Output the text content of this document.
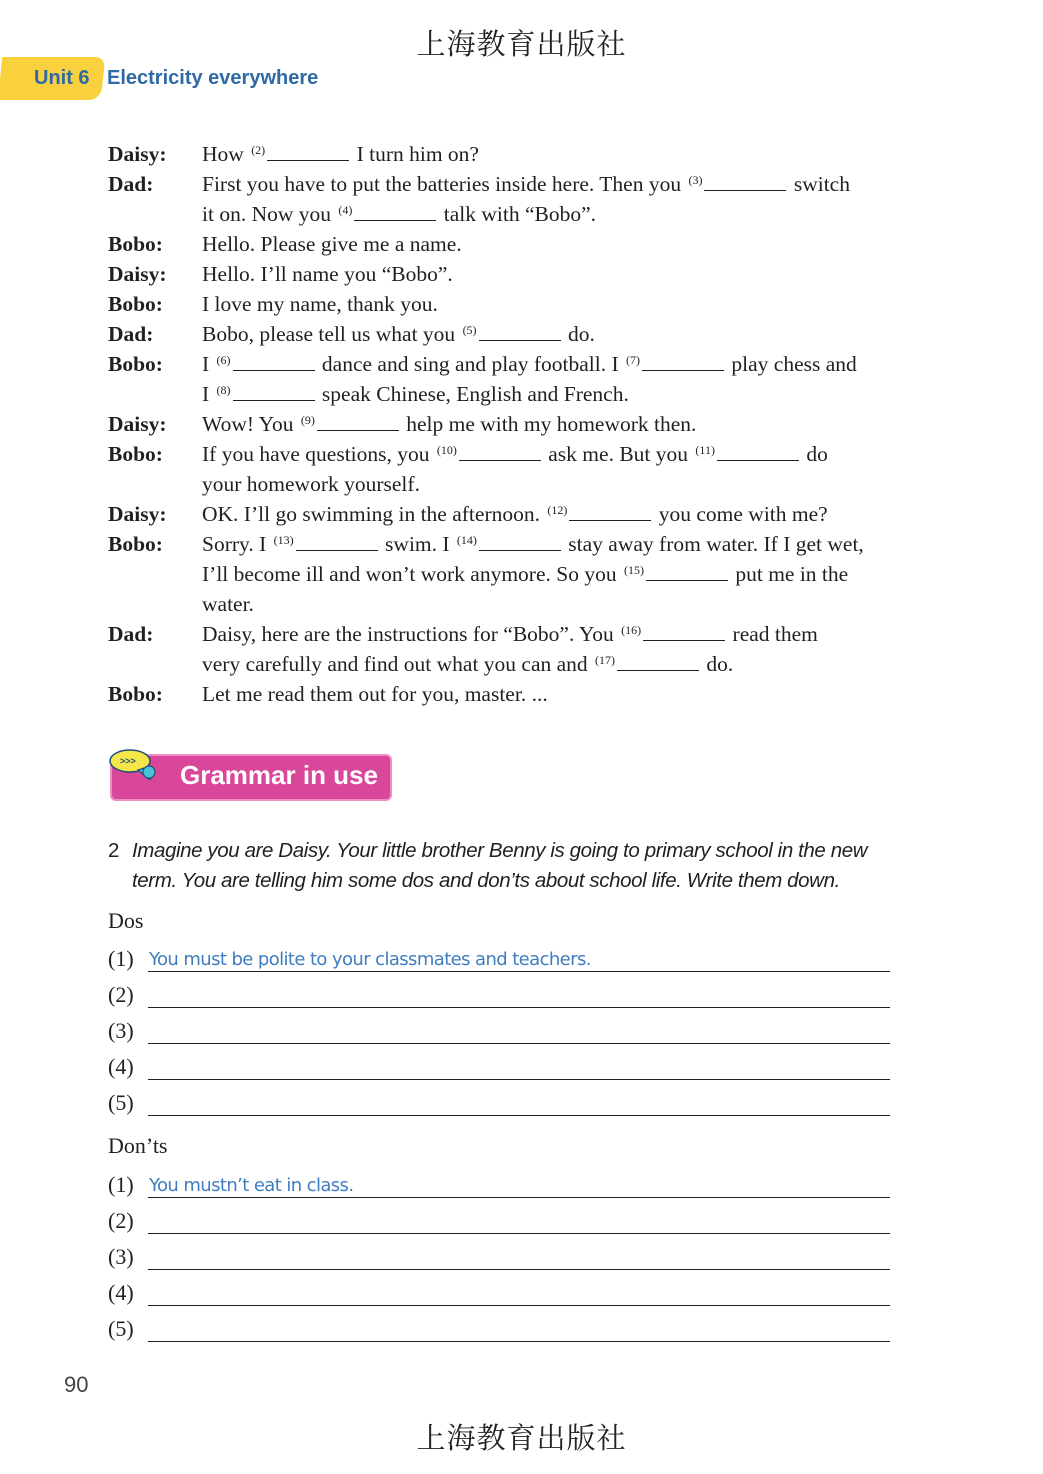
上海教育出版社
Unit 6 Electricity everywhere
Daisy:	How $^{(2)}$	I turn him on?
Dad:	First you have to put the batteries inside here. Then you $^{(3)}$	switch
it on. Now you $^{(4)}$	talk with “Bobo”.
Bobo:	Hello. Please give me a name.
Daisy:	Hello. I’ll name you “Bobo”.
Bobo:	I love my name, thank you.
Dad:	Bobo, please tell us what you $^{(5)}$	do.
Bobo:	I $^{(6)}$	dance and sing and play football. I $^{(7)}$	play chess and
I $^{(8)}$	speak Chinese, English and French.
Daisy:	Wow! You $^{(9)}$	help me with my homework then.
Bobo:	If you have questions, you $^{(10)}$	ask me. But you $^{(11)}$	do
your homework yourself.
Daisy:	OK. I’ll go swimming in the afternoon. $^{(12)}$	you come with me?
Bobo:	Sorry. I $^{(13)}$	swim. I $^{(14)}$	stay away from water. If I get wet,
I’ll become ill and won’t work anymore. So you $^{(15)}$	put me in the
water.
Dad:	Daisy, here are the instructions for “Bobo”. You $^{(16)}$	read them
very carefully and find out what you can and $^{(17)}$	do.
Bobo:	Let me read them out for you, master. ...
>>> Grammar in use
2 Imagine you are Daisy. Your little brother Benny is going to primary school in the new
term. You are telling him some dos and don’ts about school life. Write them down.
Dos
(1) You must be polite to your classmates and teachers.
(2)
(3)
(4)
(5)
Don’ts
(1) You mustn’t eat in class.
(2)
(3)
(4)
(5)
90
上海教育出版社
